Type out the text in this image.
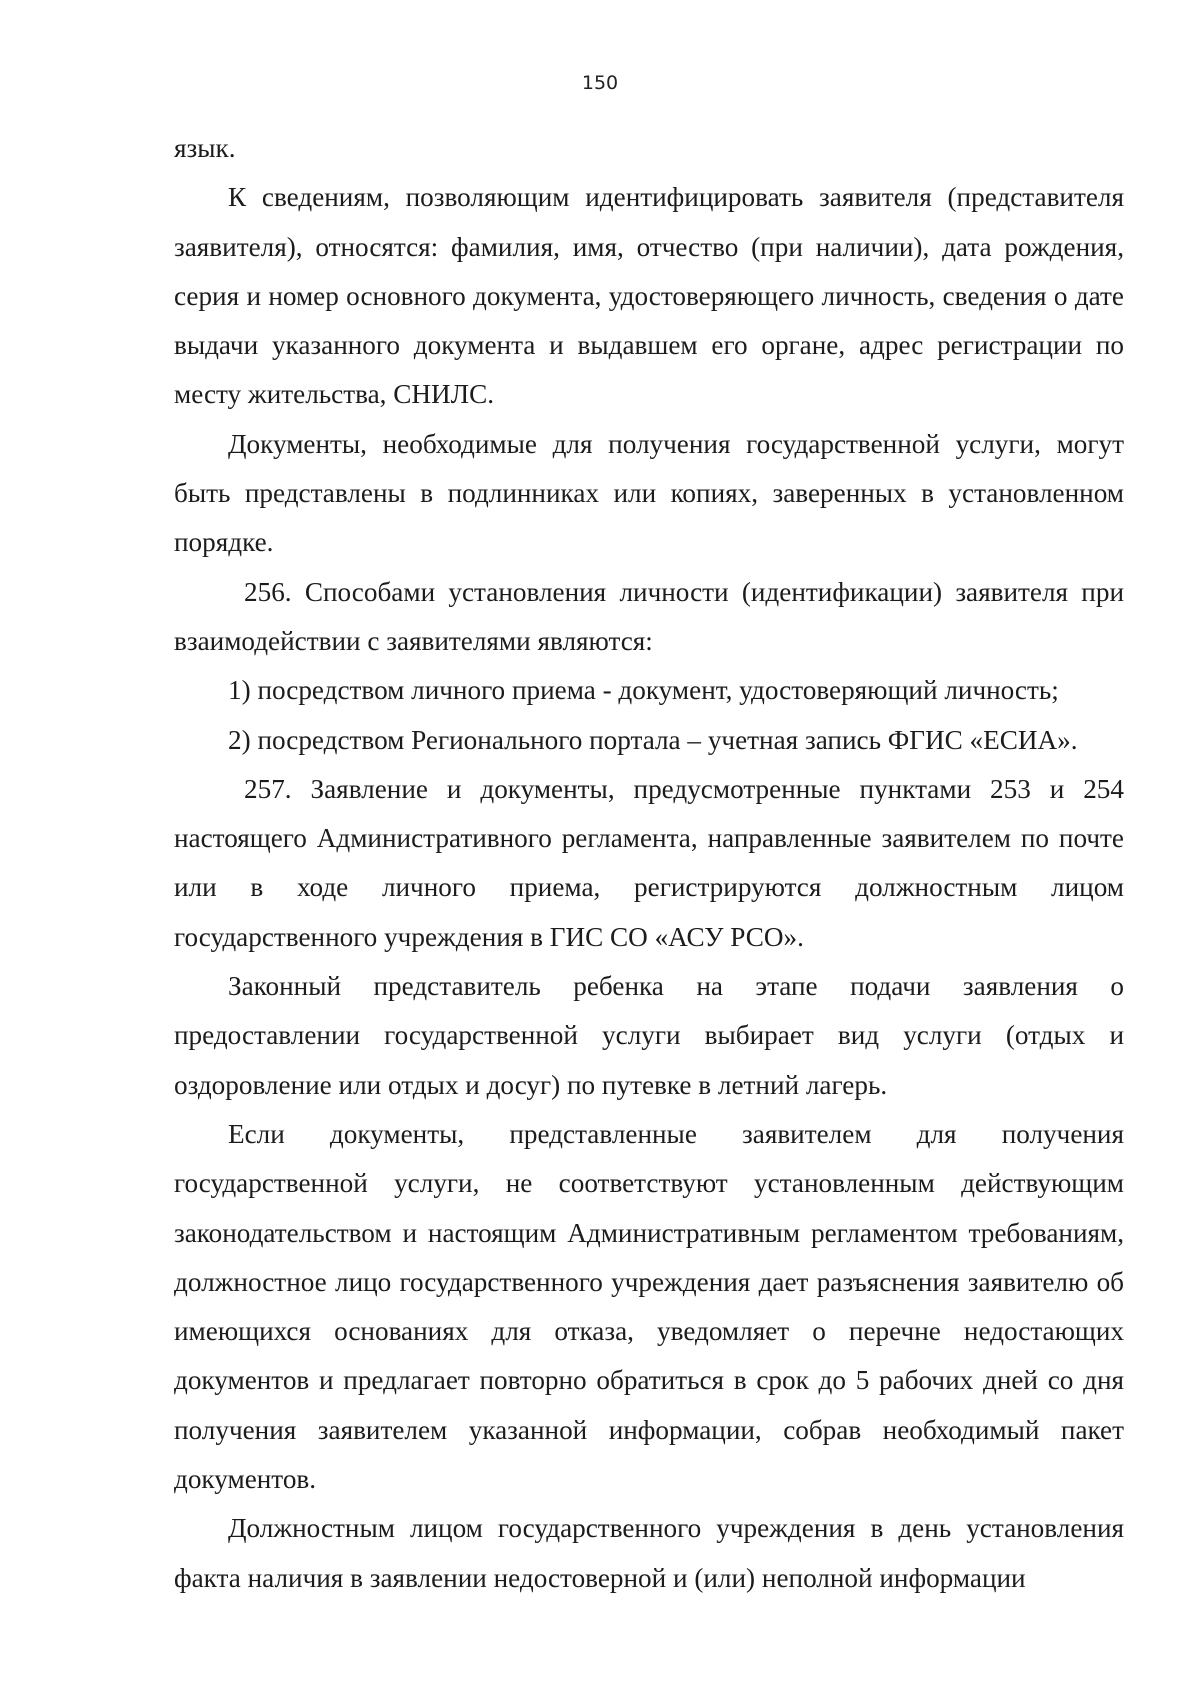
150

язык.

К сведениям, позволяющим идентифицировать заявителя (представителя заявителя), относятся: фамилия, имя, отчество (при наличии), дата рождения, серия и номер основного документа, удостоверяющего личность, сведения о дате выдачи указанного документа и выдавшем его органе, адрес регистрации по месту жительства, СНИЛС.

Документы, необходимые для получения государственной услуги, могут быть представлены в подлинниках или копиях, заверенных в установленном порядке.

256. Способами установления личности (идентификации) заявителя при взаимодействии с заявителями являются:

1) посредством личного приема - документ, удостоверяющий личность;

2) посредством Регионального портала – учетная запись ФГИС «ЕСИА».

257. Заявление и документы, предусмотренные пунктами 253 и 254 настоящего Административного регламента, направленные заявителем по почте или в ходе личного приема, регистрируются должностным лицом государственного учреждения в ГИС СО «АСУ РСО».

Законный представитель ребенка на этапе подачи заявления о предоставлении государственной услуги выбирает вид услуги (отдых и оздоровление или отдых и досуг) по путевке в летний лагерь.

Если документы, представленные заявителем для получения государственной услуги, не соответствуют установленным действующим законодательством и настоящим Административным регламентом требованиям, должностное лицо государственного учреждения дает разъяснения заявителю об имеющихся основаниях для отказа, уведомляет о перечне недостающих документов и предлагает повторно обратиться в срок до 5 рабочих дней со дня получения заявителем указанной информации, собрав необходимый пакет документов.

Должностным лицом государственного учреждения в день установления факта наличия в заявлении недостоверной и (или) неполной информации
